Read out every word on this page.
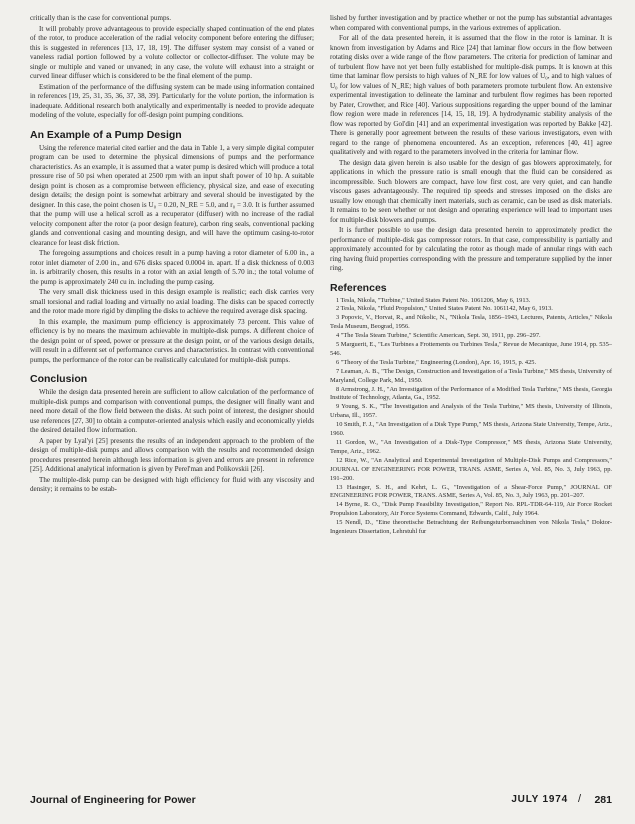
critically than is the case for conventional pumps.

It will probably prove advantageous to provide especially shaped continuation of the end plates of the rotor, to produce acceleration of the radial velocity component before entering the diffuser; this is suggested in references [13, 17, 18, 19]. The diffuser system may consist of a vaned or vaneless radial portion followed by a volute collector or collector-diffuser. The volute may be single or multiple and vaned or unvaned; in any case, the volute will exhaust into a straight or curved linear diffuser which is considered to be the final element of the pump.

Estimation of the performance of the diffusing system can be made using information contained in references [19, 25, 31, 35, 36, 37, 38, 39]. Particularly for the volute portion, the information is inadequate. Additional research both analytically and experimentally is needed to provide adequate modeling of the volute, especially for off-design point pumping conditions.

An Example of a Pump Design

Using the reference material cited earlier and the data in Table 1, a very simple digital computer program can be used to determine the physical dimensions of pumps and the performance characteristics. As an example, it is assumed that a water pump is desired which will produce a total pressure rise of 50 psi when operated at 2500 rpm with an input shaft power of 10 hp. A suitable design point is chosen as a compromise between efficiency, physical size, and ease of executing design details; the design point is somewhat arbitrary and several should be investigated by the designer. In this case, the point chosen is U₀ = 0.20, N_RE = 5.0, and r₀ = 3.0. It is further assumed that the pump will use a helical scroll as a recuperator (diffuser) with no increase of the radial velocity component after the rotor (a poor design feature), carbon ring seals, conventional packing glands and conventional casing and mounting design, and will have the optimum casing-to-rotor clearance for least disk friction.

The foregoing assumptions and choices result in a pump having a rotor diameter of 6.00 in., a rotor inlet diameter of 2.00 in., and 676 disks spaced 0.0004 in. apart. If a disk thickness of 0.003 in. is arbitrarily chosen, this results in a rotor with an axial length of 5.70 in.; the total volume of the pump is approximately 240 cu in. including the pump casing.

The very small disk thickness used in this design example is realistic; each disk carries very small torsional and radial loading and virtually no axial loading. The disks can be spaced correctly and the rotor made more rigid by dimpling the disks to achieve the required average disk spacing.

In this example, the maximum pump efficiency is approximately 73 percent. This value of efficiency is by no means the maximum achievable in multiple-disk pumps. A different choice of the design point or of speed, power or pressure at the design point, or of the various design details, will result in a different set of performance curves and characteristics. In contrast with conventional pumps, the performance of the rotor can be realistically calculated for multiple-disk pumps.

Conclusion

While the design data presented herein are sufficient to allow calculation of the performance of multiple-disk pumps and comparison with conventional pumps, the designer will finally want and need more detail of the flow field between the disks. At such point of interest, the designer should use references [27, 30] to obtain a computer-oriented analysis which easily and economically yields the desired detailed flow information.

A paper by Lyal'yi [25] presents the results of an independent approach to the problem of the design of multiple-disk pumps and allows comparison with the results and recommended design procedures presented herein although less information is given and errors are present in reference [25]. Additional analytical information is given by Perel'man and Polikovskii [26].

The multiple-disk pump can be designed with high efficiency for fluid with any viscosity and density; it remains to be estab-

lished by further investigation and by practice whether or not the pump has substantial advantages when compared with conventional pumps, in the various extremes of application.

For all of the data presented herein, it is assumed that the flow in the rotor is laminar. It is known from investigation by Adams and Rice [24] that laminar flow occurs in the flow between rotating disks over a wide range of the flow parameters. The criteria for prediction of laminar and of turbulent flow have not yet been fully established for multiple-disk pumps. It is known at this time that laminar flow persists to high values of N_RE for low values of U₀, and to high values of U₀ for low values of N_RE; high values of both parameters promote turbulent flow. An extensive experimental investigation to delineate the laminar and turbulent flow regimes has been reported by Pater, Crowther, and Rice [40]. Various suppositions regarding the upper bound of the laminar flow region were made in references [14, 15, 18, 19]. A hydrodynamic stability analysis of the flow was reported by Gol'din [41] and an experimental investigation was reported by Bakke [42]. There is generally poor agreement between the results of these various investigators, even with regard to the range of phenomena encountered. As an exception, references [40, 41] agree qualitatively and with regard to the parameters involved in the criteria for laminar flow.

The design data given herein is also usable for the design of gas blowers approximately, for applications in which the pressure ratio is small enough that the fluid can be considered as incompressible. Such blowers are compact, have low first cost, are very quiet, and can handle viscous gases advantageously. The required tip speeds and stresses imposed on the disks are usually low enough that chemically inert materials, such as ceramic, can be used as disk materials. It remains to be seen whether or not design and operating experience will lead to important uses for multiple-disk blowers and pumps.

It is further possible to use the design data presented herein to approximately predict the performance of multiple-disk gas compressor rotors. In that case, compressibility is partially and approximately accounted for by calculating the rotor as though made of annular rings with each ring having fluid properties corresponding with the pressure and temperature supplied by the inner ring.

References

1 Tesla, Nikola, "Turbine," United States Patent No. 1061206, May 6, 1913.

2 Tesla, Nikola, "Fluid Propulsion," United States Patent No. 1061142, May 6, 1913.

3 Popovic, V., Horvat, R., and Nikolic, N., "Nikola Tesla, 1856–1943, Lectures, Patents, Articles," Nikola Tesla Museum, Beograd, 1956.

4 "The Tesla Steam Turbine," Scientific American, Sept. 30, 1911, pp. 296–297.

5 Marguerit, E., "Les Turbines a Frottements ou Turbines Tesla," Revue de Mecanique, June 1914, pp. 535–546.

6 "Theory of the Tesla Turbine," Engineering (London), Apr. 16, 1915, p. 425.

7 Leaman, A. B., "The Design, Construction and Investigation of a Tesla Turbine," MS thesis, University of Maryland, College Park, Md., 1950.

8 Armstrong, J. H., "An Investigation of the Performance of a Modified Tesla Turbine," MS thesis, Georgia Institute of Technology, Atlanta, Ga., 1952.

9 Young, S. K., "The Investigation and Analysis of the Tesla Turbine," MS thesis, University of Illinois, Urbana, Ill., 1957.

10 Smith, F. J., "An Investigation of a Disk Type Pump," MS thesis, Arizona State University, Tempe, Ariz., 1960.

11 Gordon, W., "An Investigation of a Disk-Type Compressor," MS thesis, Arizona State University, Tempe, Ariz., 1962.

12 Rice, W., "An Analytical and Experimental Investigation of Multiple-Disk Pumps and Compressors," JOURNAL OF ENGINEERING FOR POWER, TRANS. ASME, Series A, Vol. 85, No. 3, July 1963, pp. 191–200.

13 Hasinger, S. H., and Kehrt, L. G., "Investigation of a Shear-Force Pump," JOURNAL OF ENGINEERING FOR POWER, TRANS. ASME, Series A, Vol. 85, No. 3, July 1963, pp. 201–207.

14 Byrne, R. O., "Disk Pump Feasibility Investigation," Report No. RPL-TDR-64-119, Air Force Rocket Propulsion Laboratory, Air Force Systems Command, Edwards, Calif., July 1964.

15 Nendl, D., "Eine theoretische Betrachtung der Reibungsturbomaschinen von Nikola Tesla," Doktor-Ingenieurs Dissertation, Lehrstuhl fur

Journal of Engineering for Power	JULY 1974 / 281
